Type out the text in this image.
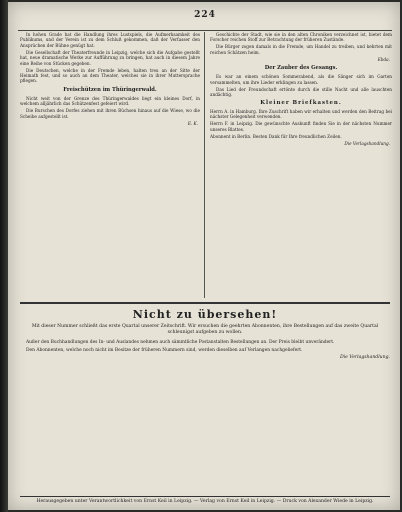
224

In hohen Grade hat die Handlung ihres Lustspiels, die Aufmerksamkeit des Publikums, und der Verein ist zu dem Schluß gekommen, daß der Verfasser den Ansprüchen der Bühne genügt hat.

Die Gesellschaft der Theaterfreunde in Leipzig, welche sich die Aufgabe gestellt hat, neue dramatische Werke zur Aufführung zu bringen, hat auch in diesem Jahre eine Reihe von Stücken gegeben.

Die Deutschen, welche in der Fremde leben, halten treu an der Sitte der Heimath fest, und so auch an dem Theater, welches sie in ihrer Muttersprache pflegen.

Freischützen im Thüringerwald.

Nicht weit von der Grenze des Thüringerwaldes liegt ein kleines Dorf, in welchem alljährlich das Schützenfest gefeiert wird.

Die Burschen des Dorfes ziehen mit ihren Büchsen hinaus auf die Wiese, wo die Scheibe aufgestellt ist.

E. K.

Geschichte der Stadt, wie sie in den alten Chroniken verzeichnet ist, bietet dem Forscher reichen Stoff zur Betrachtung der früheren Zustände.

Die Bürger zogen damals in die Fremde, um Handel zu treiben, und kehrten mit reichen Schätzen heim.

Ebda.
Der Zauber des Gesangs.

Es war an einem schönen Sommerabend, als die Sänger sich im Garten versammelten, um ihre Lieder erklingen zu lassen.

Das Lied der Freundschaft ertönte durch die stille Nacht und alle lauschten andächtig.

Kleiner Briefkasten.

Herrn A. in Hamburg. Ihre Zuschrift haben wir erhalten und werden den Beitrag bei nächster Gelegenheit verwenden.

Herrn F. in Leipzig. Die gewünschte Auskunft finden Sie in der nächsten Nummer unseres Blattes.

Abonnent in Berlin. Besten Dank für Ihre freundlichen Zeilen.

Die Verlagshandlung.
Nicht zu übersehen!
Mit dieser Nummer schließt das erste Quartal unserer Zeitschrift. Wir ersuchen die geehrten Abonnenten, ihre Bestellungen auf das zweite Quartal schleunigst aufgeben zu wollen.

Außer den Buchhandlungen des In- und Auslandes nehmen auch sämmtliche Postanstalten Bestellungen an. Der Preis bleibt unverändert.

Den Abonnenten, welche noch nicht im Besitze der früheren Nummern sind, werden dieselben auf Verlangen nachgeliefert.

Die Verlagshandlung.
Herausgegeben unter Verantwortlichkeit von Ernst Keil in Leipzig. — Verlag von Ernst Keil in Leipzig. — Druck von Alexander Wiede in Leipzig.
